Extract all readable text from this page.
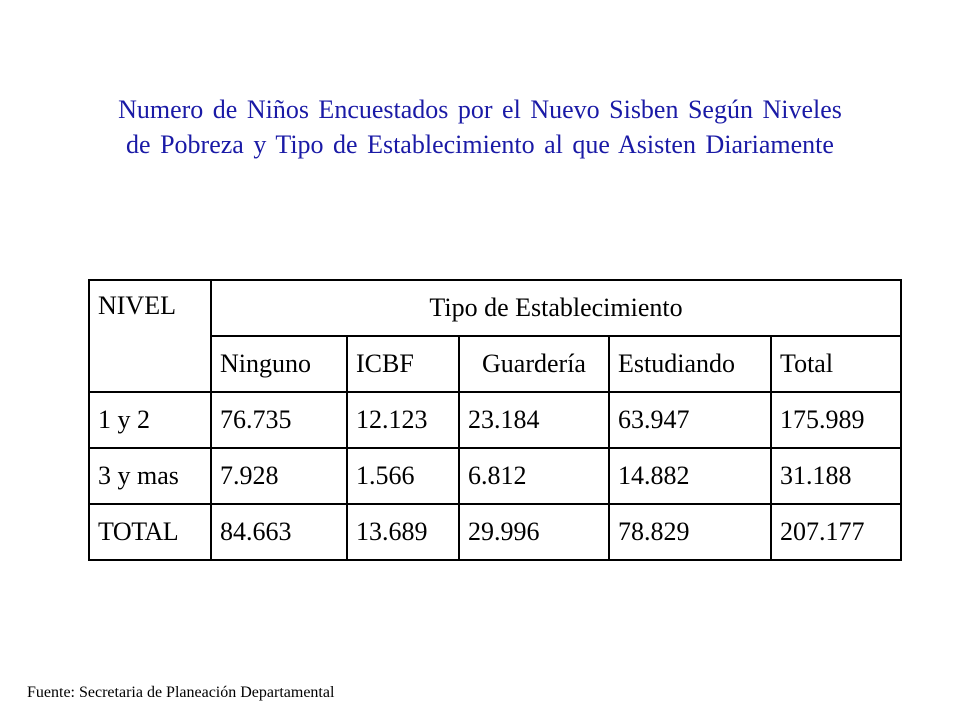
Numero de Niños Encuestados por el Nuevo Sisben Según Niveles
de Pobreza y Tipo de Establecimiento al que Asisten Diariamente
NIVEL	Tipo de Establecimiento				
	Ninguno	ICBF	Guardería	Estudiando	Total
1 y 2	76.735	12.123	23.184	63.947	175.989
3 y mas	7.928	1.566	6.812	14.882	31.188
TOTAL	84.663	13.689	29.996	78.829	207.177
Fuente: Secretaria de Planeación Departamental
